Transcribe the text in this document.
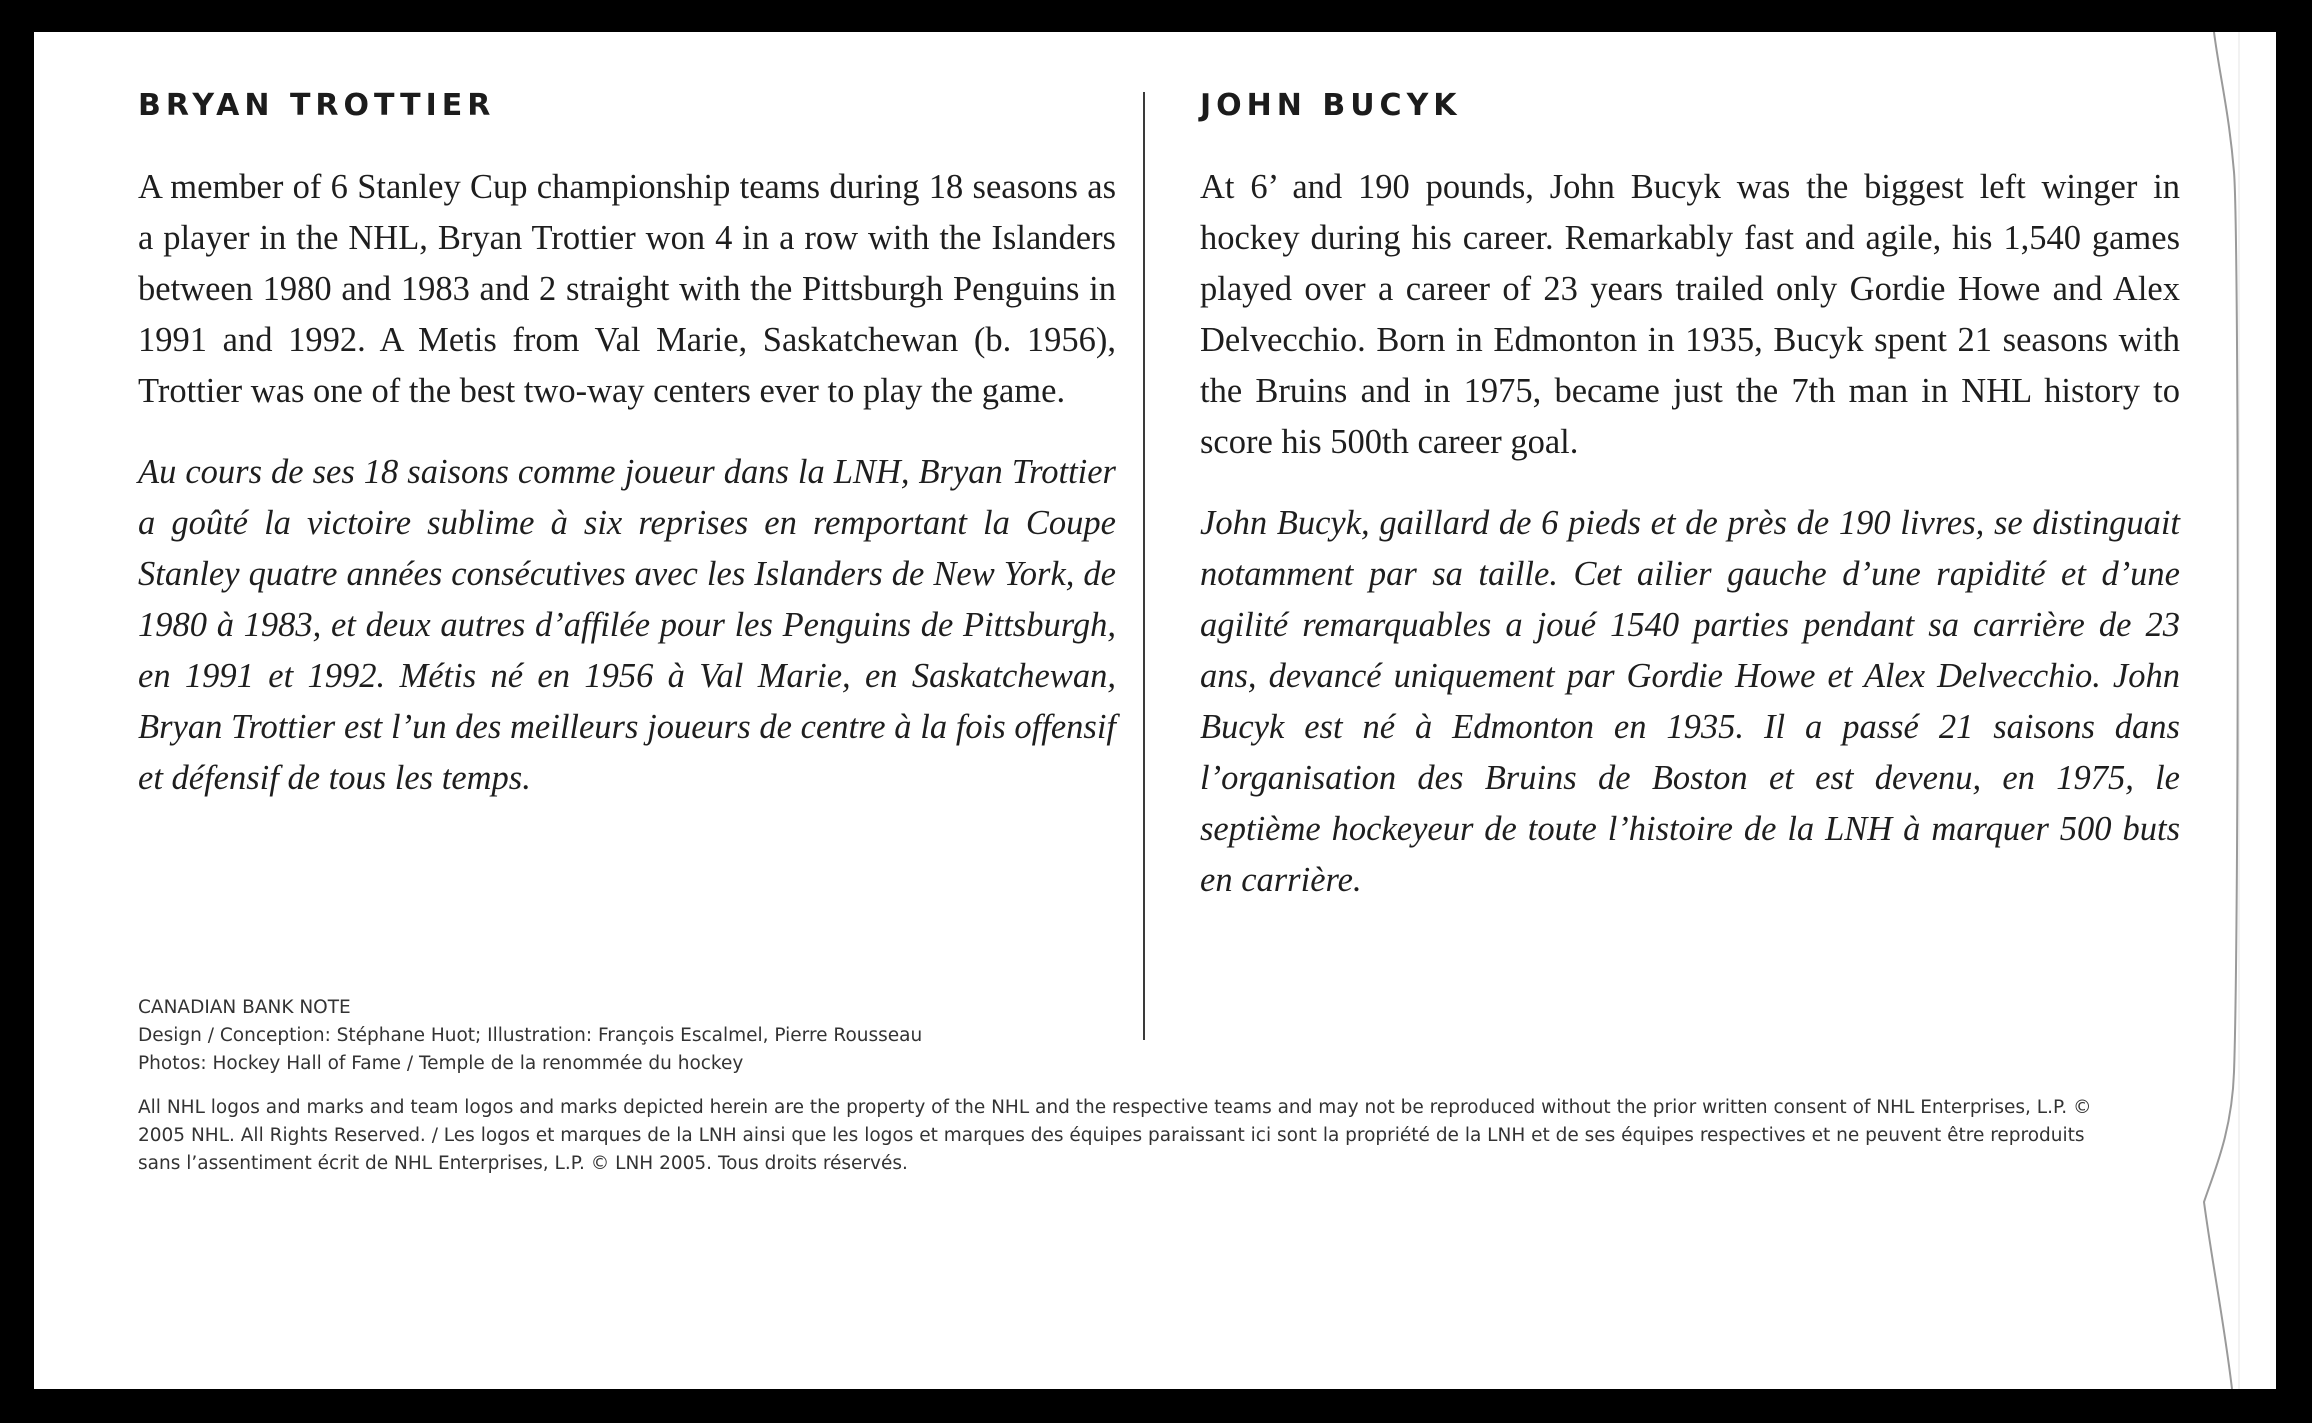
BRYAN TROTTIER

A member of 6 Stanley Cup championship teams during 18 seasons as a player in the NHL, Bryan Trottier won 4 in a row with the Islanders between 1980 and 1983 and 2 straight with the Pittsburgh Penguins in 1991 and 1992. A Metis from Val Marie, Saskatchewan (b. 1956), Trottier was one of the best two-way centers ever to play the game.

Au cours de ses 18 saisons comme joueur dans la LNH, Bryan Trottier a goûté la victoire sublime à six reprises en remportant la Coupe Stanley quatre années consécutives avec les Islanders de New York, de 1980 à 1983, et deux autres d’affilée pour les Penguins de Pittsburgh, en 1991 et 1992. Métis né en 1956 à Val Marie, en Saskatchewan, Bryan Trottier est l’un des meilleurs joueurs de centre à la fois offensif et défensif de tous les temps.

JOHN BUCYK

At 6’ and 190 pounds, John Bucyk was the biggest left winger in hockey during his career. Remarkably fast and agile, his 1,540 games played over a career of 23 years trailed only Gordie Howe and Alex Delvecchio. Born in Edmonton in 1935, Bucyk spent 21 seasons with the Bruins and in 1975, became just the 7th man in NHL history to score his 500th career goal.

John Bucyk, gaillard de 6 pieds et de près de 190 livres, se distinguait notamment par sa taille. Cet ailier gauche d’une rapidité et d’une agilité remarquables a joué 1540 parties pendant sa carrière de 23 ans, devancé uniquement par Gordie Howe et Alex Delvecchio. John Bucyk est né à Edmonton en 1935. Il a passé 21 saisons dans l’organisation des Bruins de Boston et est devenu, en 1975, le septième hockeyeur de toute l’histoire de la LNH à marquer 500 buts en carrière.

CANADIAN BANK NOTE
Design / Conception: Stéphane Huot; Illustration: François Escalmel, Pierre Rousseau
Photos: Hockey Hall of Fame / Temple de la renommée du hockey
All NHL logos and marks and team logos and marks depicted herein are the property of the NHL and the respective teams and may not be reproduced without the prior written consent of NHL Enterprises, L.P. © 2005 NHL. All Rights Reserved. / Les logos et marques de la LNH ainsi que les logos et marques des équipes paraissant ici sont la propriété de la LNH et de ses équipes respectives et ne peuvent être reproduits sans l’assentiment écrit de NHL Enterprises, L.P. © LNH 2005. Tous droits réservés.
